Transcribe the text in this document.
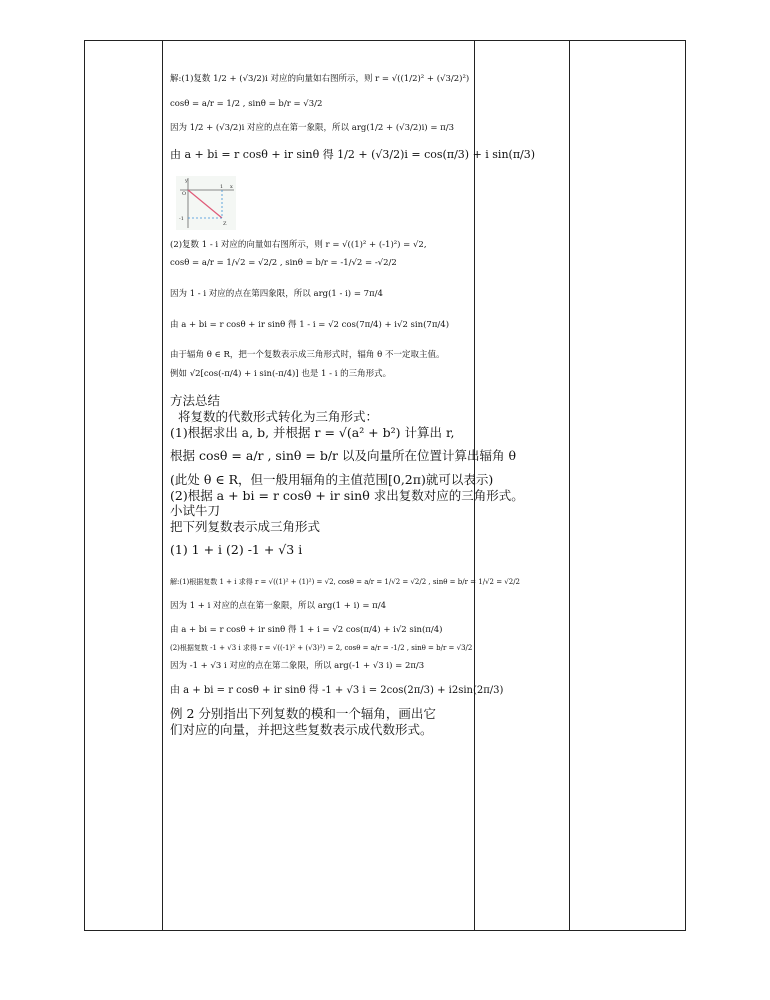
解:(1)复数 1/2 + (√3/2)i 对应的向量如右图所示，则 r = √((1/2)² + (√3/2)²)
cosθ = a/r = 1/2 , sinθ = b/r = √3/2
因为 1/2 + (√3/2)i 对应的点在第一象限，所以 arg(1/2 + (√3/2)i) = π/3
由 a + bi = r cosθ + ir sinθ 得 1/2 + (√3/2)i = cos(π/3) + i sin(π/3)
y
x
O
1
-1
Z
(2)复数 1 - i 对应的向量如右图所示，则 r = √((1)² + (-1)²) = √2,
cosθ = a/r = 1/√2 = √2/2 , sinθ = b/r = -1/√2 = -√2/2
因为 1 - i 对应的点在第四象限，所以 arg(1 - i) = 7π/4
由 a + bi = r cosθ + ir sinθ 得 1 - i = √2 cos(7π/4) + i√2 sin(7π/4)
由于辐角 θ ∈ R，把一个复数表示成三角形式时，辐角 θ 不一定取主值。
例如 √2[cos(-π/4) + i sin(-π/4)] 也是 1 - i 的三角形式。
方法总结
将复数的代数形式转化为三角形式：
(1)根据求出 a, b, 并根据 r = √(a² + b²) 计算出 r,
根据 cosθ = a/r , sinθ = b/r 以及向量所在位置计算出辐角 θ
(此处 θ ∈ R，但一般用辐角的主值范围[0,2π)就可以表示)
(2)根据 a + bi = r cosθ + ir sinθ 求出复数对应的三角形式。
小试牛刀
把下列复数表示成三角形式
(1) 1 + i (2) -1 + √3 i
解:(1)根据复数 1 + i 求得 r = √((1)² + (1)²) = √2, cosθ = a/r = 1/√2 = √2/2 , sinθ = b/r = 1/√2 = √2/2
因为 1 + i 对应的点在第一象限，所以 arg(1 + i) = π/4
由 a + bi = r cosθ + ir sinθ 得 1 + i = √2 cos(π/4) + i√2 sin(π/4)
(2)根据复数 -1 + √3 i 求得 r = √((-1)² + (√3)²) = 2, cosθ = a/r = -1/2 , sinθ = b/r = √3/2
因为 -1 + √3 i 对应的点在第二象限，所以 arg(-1 + √3 i) = 2π/3
由 a + bi = r cosθ + ir sinθ 得 -1 + √3 i = 2cos(2π/3) + i2sin(2π/3)
例 2 分别指出下列复数的模和一个辐角，画出它
们对应的向量，并把这些复数表示成代数形式。
